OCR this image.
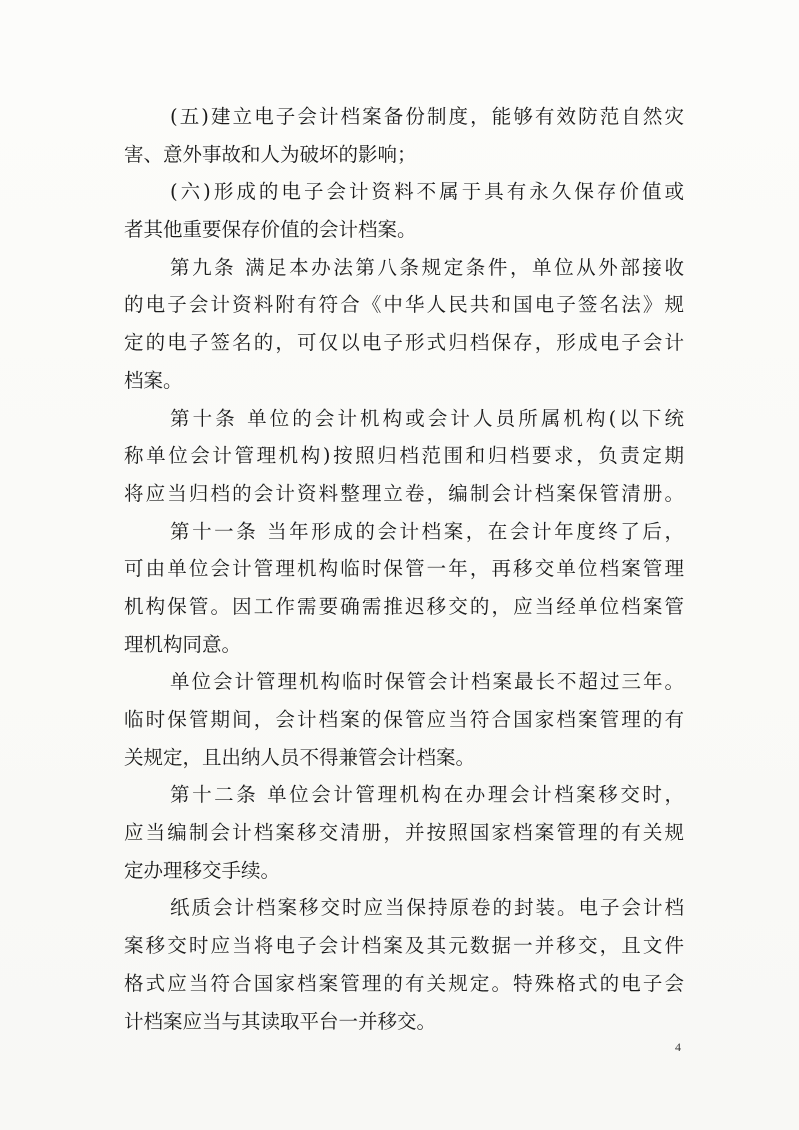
(五)建立电子会计档案备份制度，能够有效防范自然灾
害、意外事故和人为破坏的影响；
(六)形成的电子会计资料不属于具有永久保存价值或
者其他重要保存价值的会计档案。
第九条 满足本办法第八条规定条件，单位从外部接收
的电子会计资料附有符合《中华人民共和国电子签名法》规
定的电子签名的，可仅以电子形式归档保存，形成电子会计
档案。
第十条 单位的会计机构或会计人员所属机构(以下统
称单位会计管理机构)按照归档范围和归档要求，负责定期
将应当归档的会计资料整理立卷，编制会计档案保管清册。
第十一条 当年形成的会计档案，在会计年度终了后，
可由单位会计管理机构临时保管一年，再移交单位档案管理
机构保管。因工作需要确需推迟移交的，应当经单位档案管
理机构同意。
单位会计管理机构临时保管会计档案最长不超过三年。
临时保管期间，会计档案的保管应当符合国家档案管理的有
关规定，且出纳人员不得兼管会计档案。
第十二条 单位会计管理机构在办理会计档案移交时，
应当编制会计档案移交清册，并按照国家档案管理的有关规
定办理移交手续。
纸质会计档案移交时应当保持原卷的封装。电子会计档
案移交时应当将电子会计档案及其元数据一并移交，且文件
格式应当符合国家档案管理的有关规定。特殊格式的电子会
计档案应当与其读取平台一并移交。
4
